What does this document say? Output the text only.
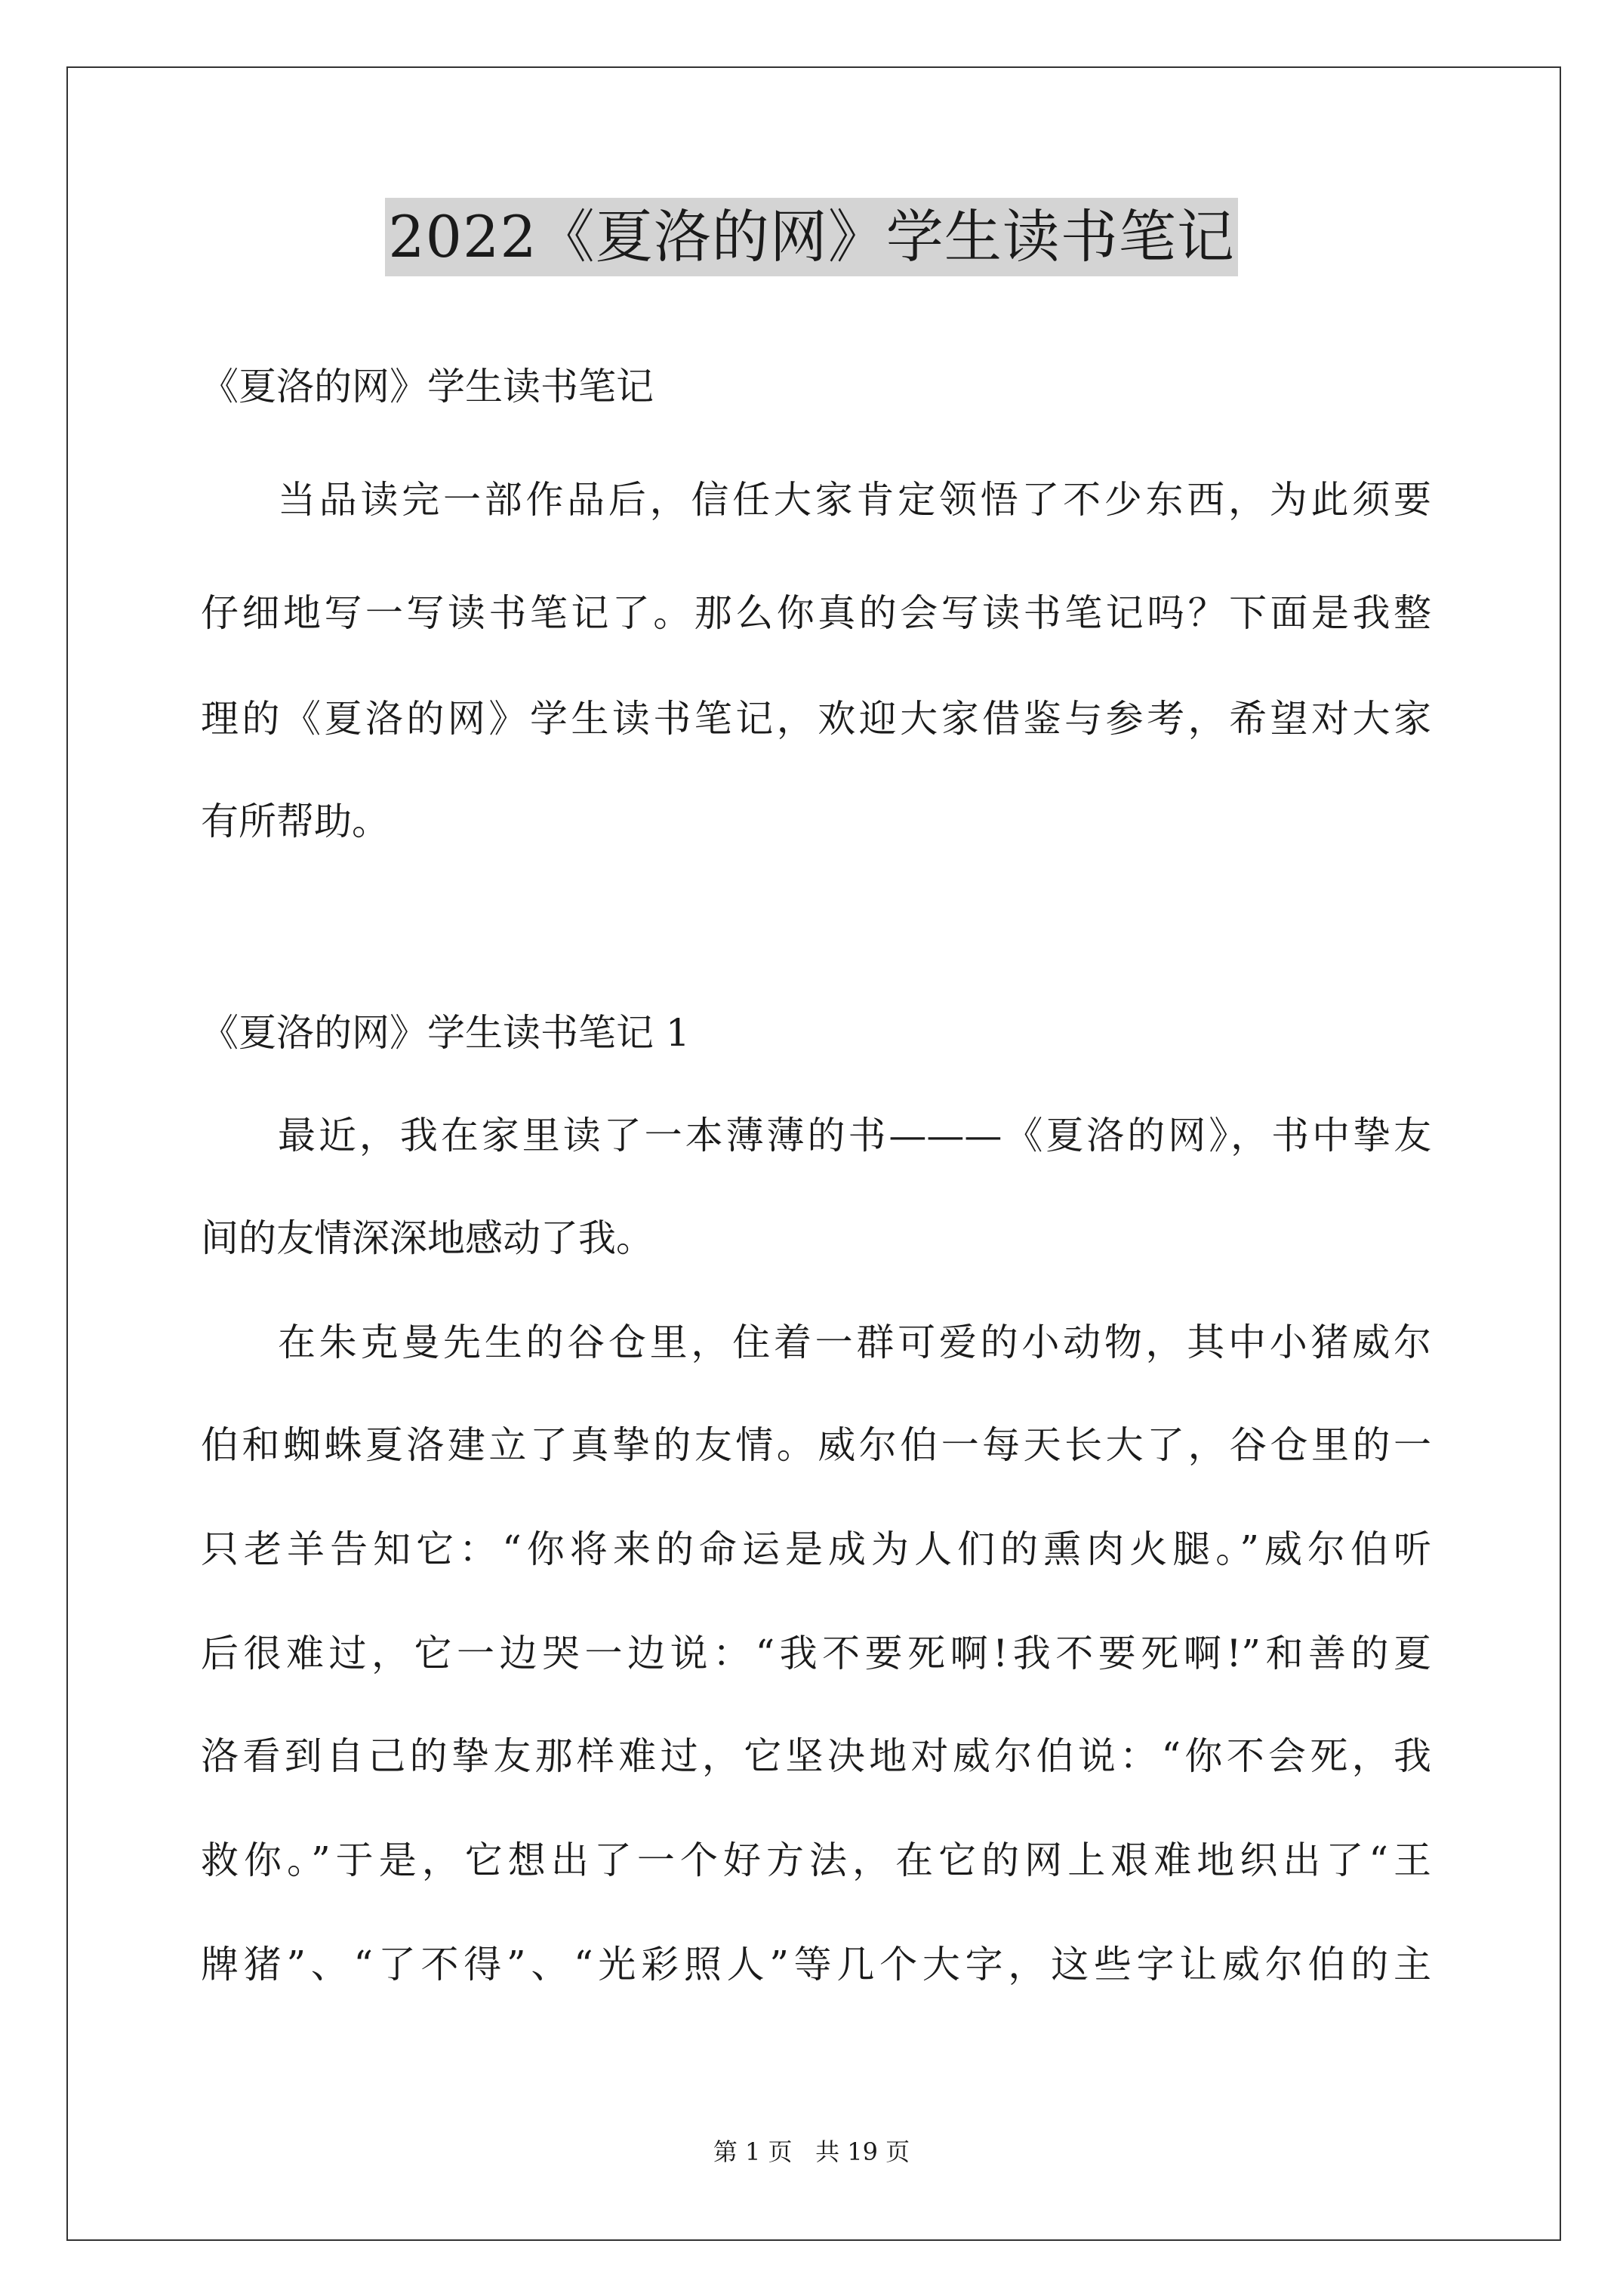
2022《夏洛的网》学生读书笔记
《夏洛的网》学生读书笔记
当品读完一部作品后，信任大家肯定领悟了不少东西，为此须要
仔细地写一写读书笔记了。那么你真的会写读书笔记吗？下面是我整
理的《夏洛的网》学生读书笔记，欢迎大家借鉴与参考，希望对大家
有所帮助。
《夏洛的网》学生读书笔记 1
最近，我在家里读了一本薄薄的书———《夏洛的网》，书中挚友
间的友情深深地感动了我。
在朱克曼先生的谷仓里，住着一群可爱的小动物，其中小猪威尔
伯和蜘蛛夏洛建立了真挚的友情。威尔伯一每天长大了，谷仓里的一
只老羊告知它：“你将来的命运是成为人们的熏肉火腿。”威尔伯听
后很难过，它一边哭一边说：“我不要死啊!我不要死啊!”和善的夏
洛看到自己的挚友那样难过，它坚决地对威尔伯说：“你不会死，我
救你。”于是，它想出了一个好方法，在它的网上艰难地织出了“王
牌猪”、“了不得”、“光彩照人”等几个大字，这些字让威尔伯的主
第 1 页   共 19 页
